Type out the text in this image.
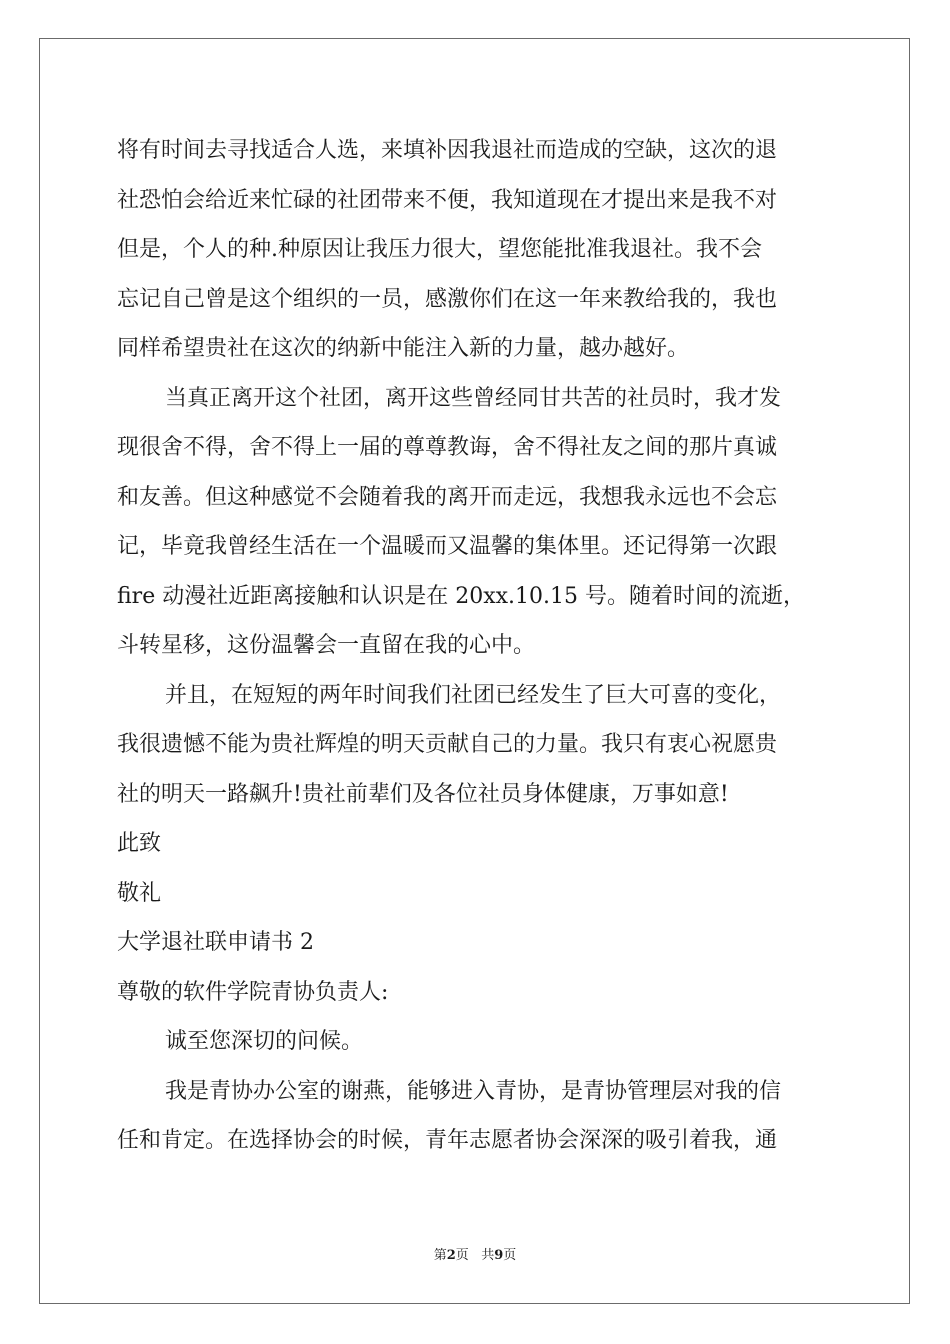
将有时间去寻找适合人选，来填补因我退社而造成的空缺，这次的退
社恐怕会给近来忙碌的社团带来不便，我知道现在才提出来是我不对
但是，个人的种.种原因让我压力很大，望您能批准我退社。我不会
忘记自己曾是这个组织的一员，感激你们在这一年来教给我的，我也
同样希望贵社在这次的纳新中能注入新的力量，越办越好。
当真正离开这个社团，离开这些曾经同甘共苦的社员时，我才发
现很舍不得，舍不得上一届的尊尊教诲，舍不得社友之间的那片真诚
和友善。但这种感觉不会随着我的离开而走远，我想我永远也不会忘
记，毕竟我曾经生活在一个温暖而又温馨的集体里。还记得第一次跟
fire 动漫社近距离接触和认识是在 20xx.10.15 号。随着时间的流逝，
斗转星移，这份温馨会一直留在我的心中。
并且，在短短的两年时间我们社团已经发生了巨大可喜的变化，
我很遗憾不能为贵社辉煌的明天贡献自己的力量。我只有衷心祝愿贵
社的明天一路飙升!贵社前辈们及各位社员身体健康，万事如意!
此致
敬礼
大学退社联申请书 2
尊敬的软件学院青协负责人:
诚至您深切的问候。
我是青协办公室的谢燕，能够进入青协，是青协管理层对我的信
任和肯定。在选择协会的时候，青年志愿者协会深深的吸引着我，通
第2页 共9页
